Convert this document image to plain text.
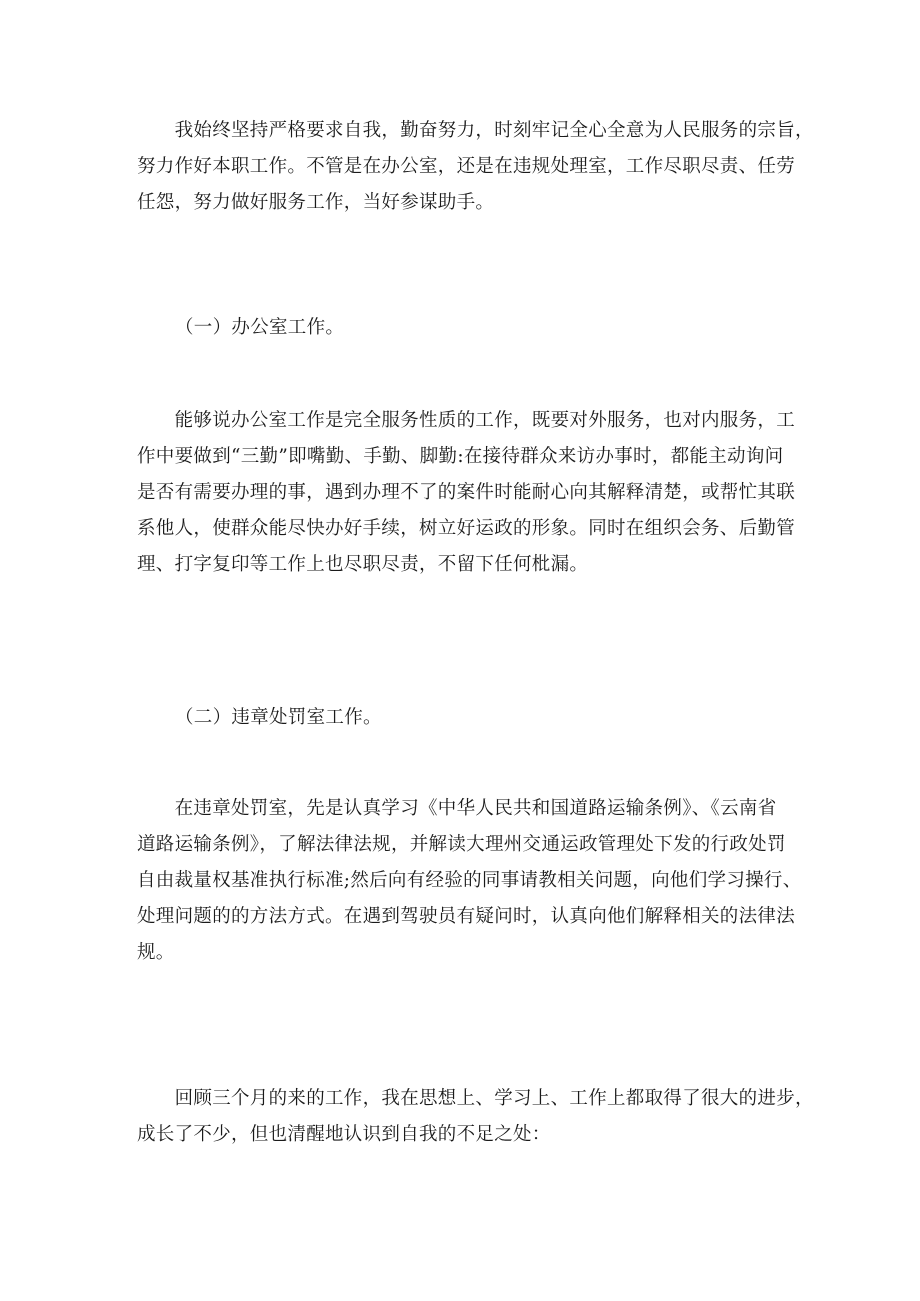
　　我始终坚持严格要求自我，勤奋努力，时刻牢记全心全意为人民服务的宗旨，
努力作好本职工作。不管是在办公室，还是在违规处理室，工作尽职尽责、任劳
任怨，努力做好服务工作，当好参谋助手。
（一）办公室工作。
　　能够说办公室工作是完全服务性质的工作，既要对外服务，也对内服务，工
作中要做到“三勤”即嘴勤、手勤、脚勤:在接待群众来访办事时，都能主动询问
是否有需要办理的事，遇到办理不了的案件时能耐心向其解释清楚，或帮忙其联
系他人，使群众能尽快办好手续，树立好运政的形象。同时在组织会务、后勤管
理、打字复印等工作上也尽职尽责，不留下任何枇漏。
（二）违章处罚室工作。
　　在违章处罚室，先是认真学习《中华人民共和国道路运输条例》、《云南省
道路运输条例》，了解法律法规，并解读大理州交通运政管理处下发的行政处罚
自由裁量权基准执行标准;然后向有经验的同事请教相关问题，向他们学习操行、
处理问题的的方法方式。在遇到驾驶员有疑问时，认真向他们解释相关的法律法
规。
　　回顾三个月的来的工作，我在思想上、学习上、工作上都取得了很大的进步，
成长了不少，但也清醒地认识到自我的不足之处：
